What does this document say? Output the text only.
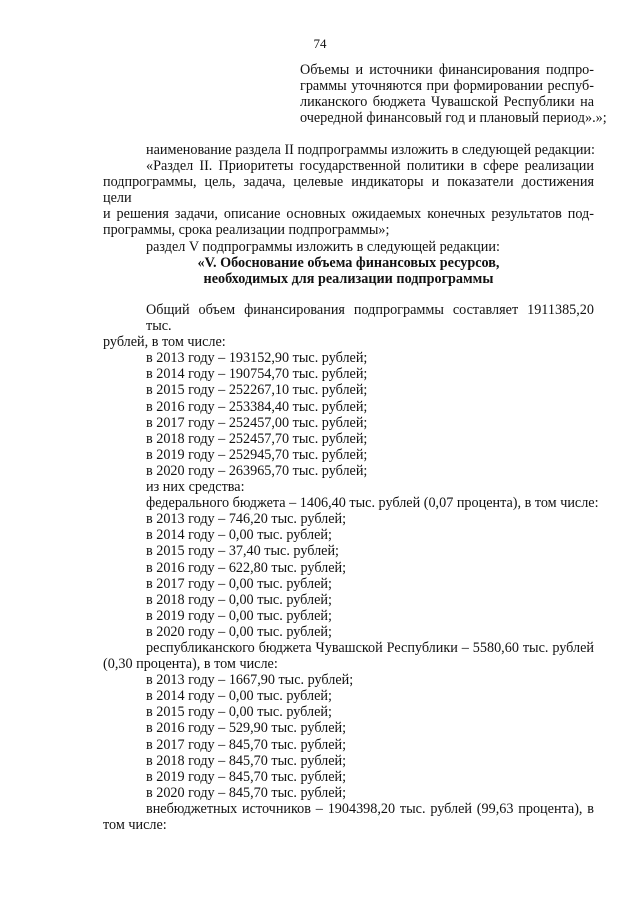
74
Объемы и источники финансирования подпро-
граммы уточняются при формировании респуб-
ликанского бюджета Чувашской Республики на
очередной финансовый год и плановый период».»;
наименование раздела II подпрограммы изложить в следующей редакции:
«Раздел II. Приоритеты государственной политики в сфере реализации
подпрограммы, цель, задача, целевые индикаторы и показатели достижения цели
и решения задачи, описание основных ожидаемых конечных результатов под-
программы, срока реализации подпрограммы»;
раздел V подпрограммы изложить в следующей редакции:
«V. Обоснование объема финансовых ресурсов,
необходимых для реализации подпрограммы
Общий объем финансирования подпрограммы составляет 1911385,20 тыс.
рублей, в том числе:
в 2013 году – 193152,90 тыс. рублей;
в 2014 году – 190754,70 тыс. рублей;
в 2015 году – 252267,10 тыс. рублей;
в 2016 году – 253384,40 тыс. рублей;
в 2017 году – 252457,00 тыс. рублей;
в 2018 году – 252457,70 тыс. рублей;
в 2019 году – 252945,70 тыс. рублей;
в 2020 году – 263965,70 тыс. рублей;
из них средства:
федерального бюджета – 1406,40 тыс. рублей (0,07 процента), в том числе:
в 2013 году – 746,20 тыс. рублей;
в 2014 году – 0,00 тыс. рублей;
в 2015 году – 37,40 тыс. рублей;
в 2016 году – 622,80 тыс. рублей;
в 2017 году – 0,00 тыс. рублей;
в 2018 году – 0,00 тыс. рублей;
в 2019 году – 0,00 тыс. рублей;
в 2020 году – 0,00 тыс. рублей;
республиканского бюджета Чувашской Республики – 5580,60 тыс. рублей
(0,30 процента), в том числе:
в 2013 году – 1667,90 тыс. рублей;
в 2014 году – 0,00 тыс. рублей;
в 2015 году – 0,00 тыс. рублей;
в 2016 году – 529,90 тыс. рублей;
в 2017 году – 845,70 тыс. рублей;
в 2018 году – 845,70 тыс. рублей;
в 2019 году – 845,70 тыс. рублей;
в 2020 году – 845,70 тыс. рублей;
внебюджетных источников – 1904398,20 тыс. рублей (99,63 процента), в
том числе:
